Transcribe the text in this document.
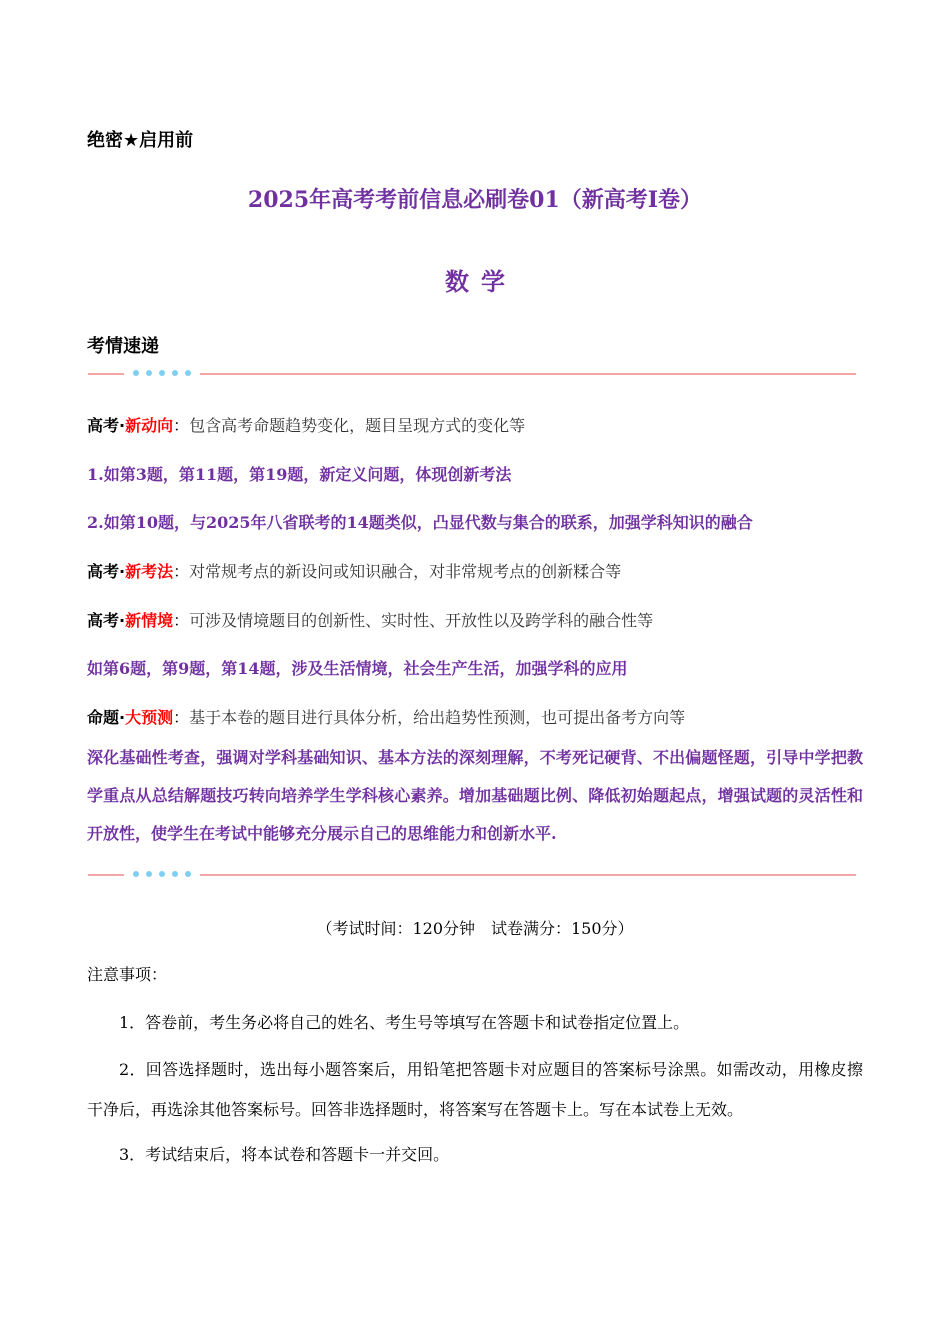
绝密★启用前
2025年高考考前信息必刷卷01（新高考Ⅰ卷）
数学
考情速递
高考·新动向：包含高考命题趋势变化，题目呈现方式的变化等
1.如第3题，第11题，第19题，新定义问题，体现创新考法
2.如第10题，与2025年八省联考的14题类似，凸显代数与集合的联系，加强学科知识的融合
高考·新考法：对常规考点的新设问或知识融合，对非常规考点的创新糅合等
高考·新情境：可涉及情境题目的创新性、实时性、开放性以及跨学科的融合性等
如第6题，第9题，第14题，涉及生活情境，社会生产生活，加强学科的应用
命题·大预测：基于本卷的题目进行具体分析，给出趋势性预测，也可提出备考方向等
深化基础性考查，强调对学科基础知识、基本方法的深刻理解，不考死记硬背、不出偏题怪题，引导中学把教学重点从总结解题技巧转向培养学生学科核心素养。增加基础题比例、降低初始题起点，增强试题的灵活性和开放性，使学生在考试中能够充分展示自己的思维能力和创新水平.
（考试时间：120分钟　试卷满分：150分）
注意事项：
1．答卷前，考生务必将自己的姓名、考生号等填写在答题卡和试卷指定位置上。
2．回答选择题时，选出每小题答案后，用铅笔把答题卡对应题目的答案标号涂黑。如需改动，用橡皮擦干净后，再选涂其他答案标号。回答非选择题时，将答案写在答题卡上。写在本试卷上无效。
3．考试结束后，将本试卷和答题卡一并交回。
